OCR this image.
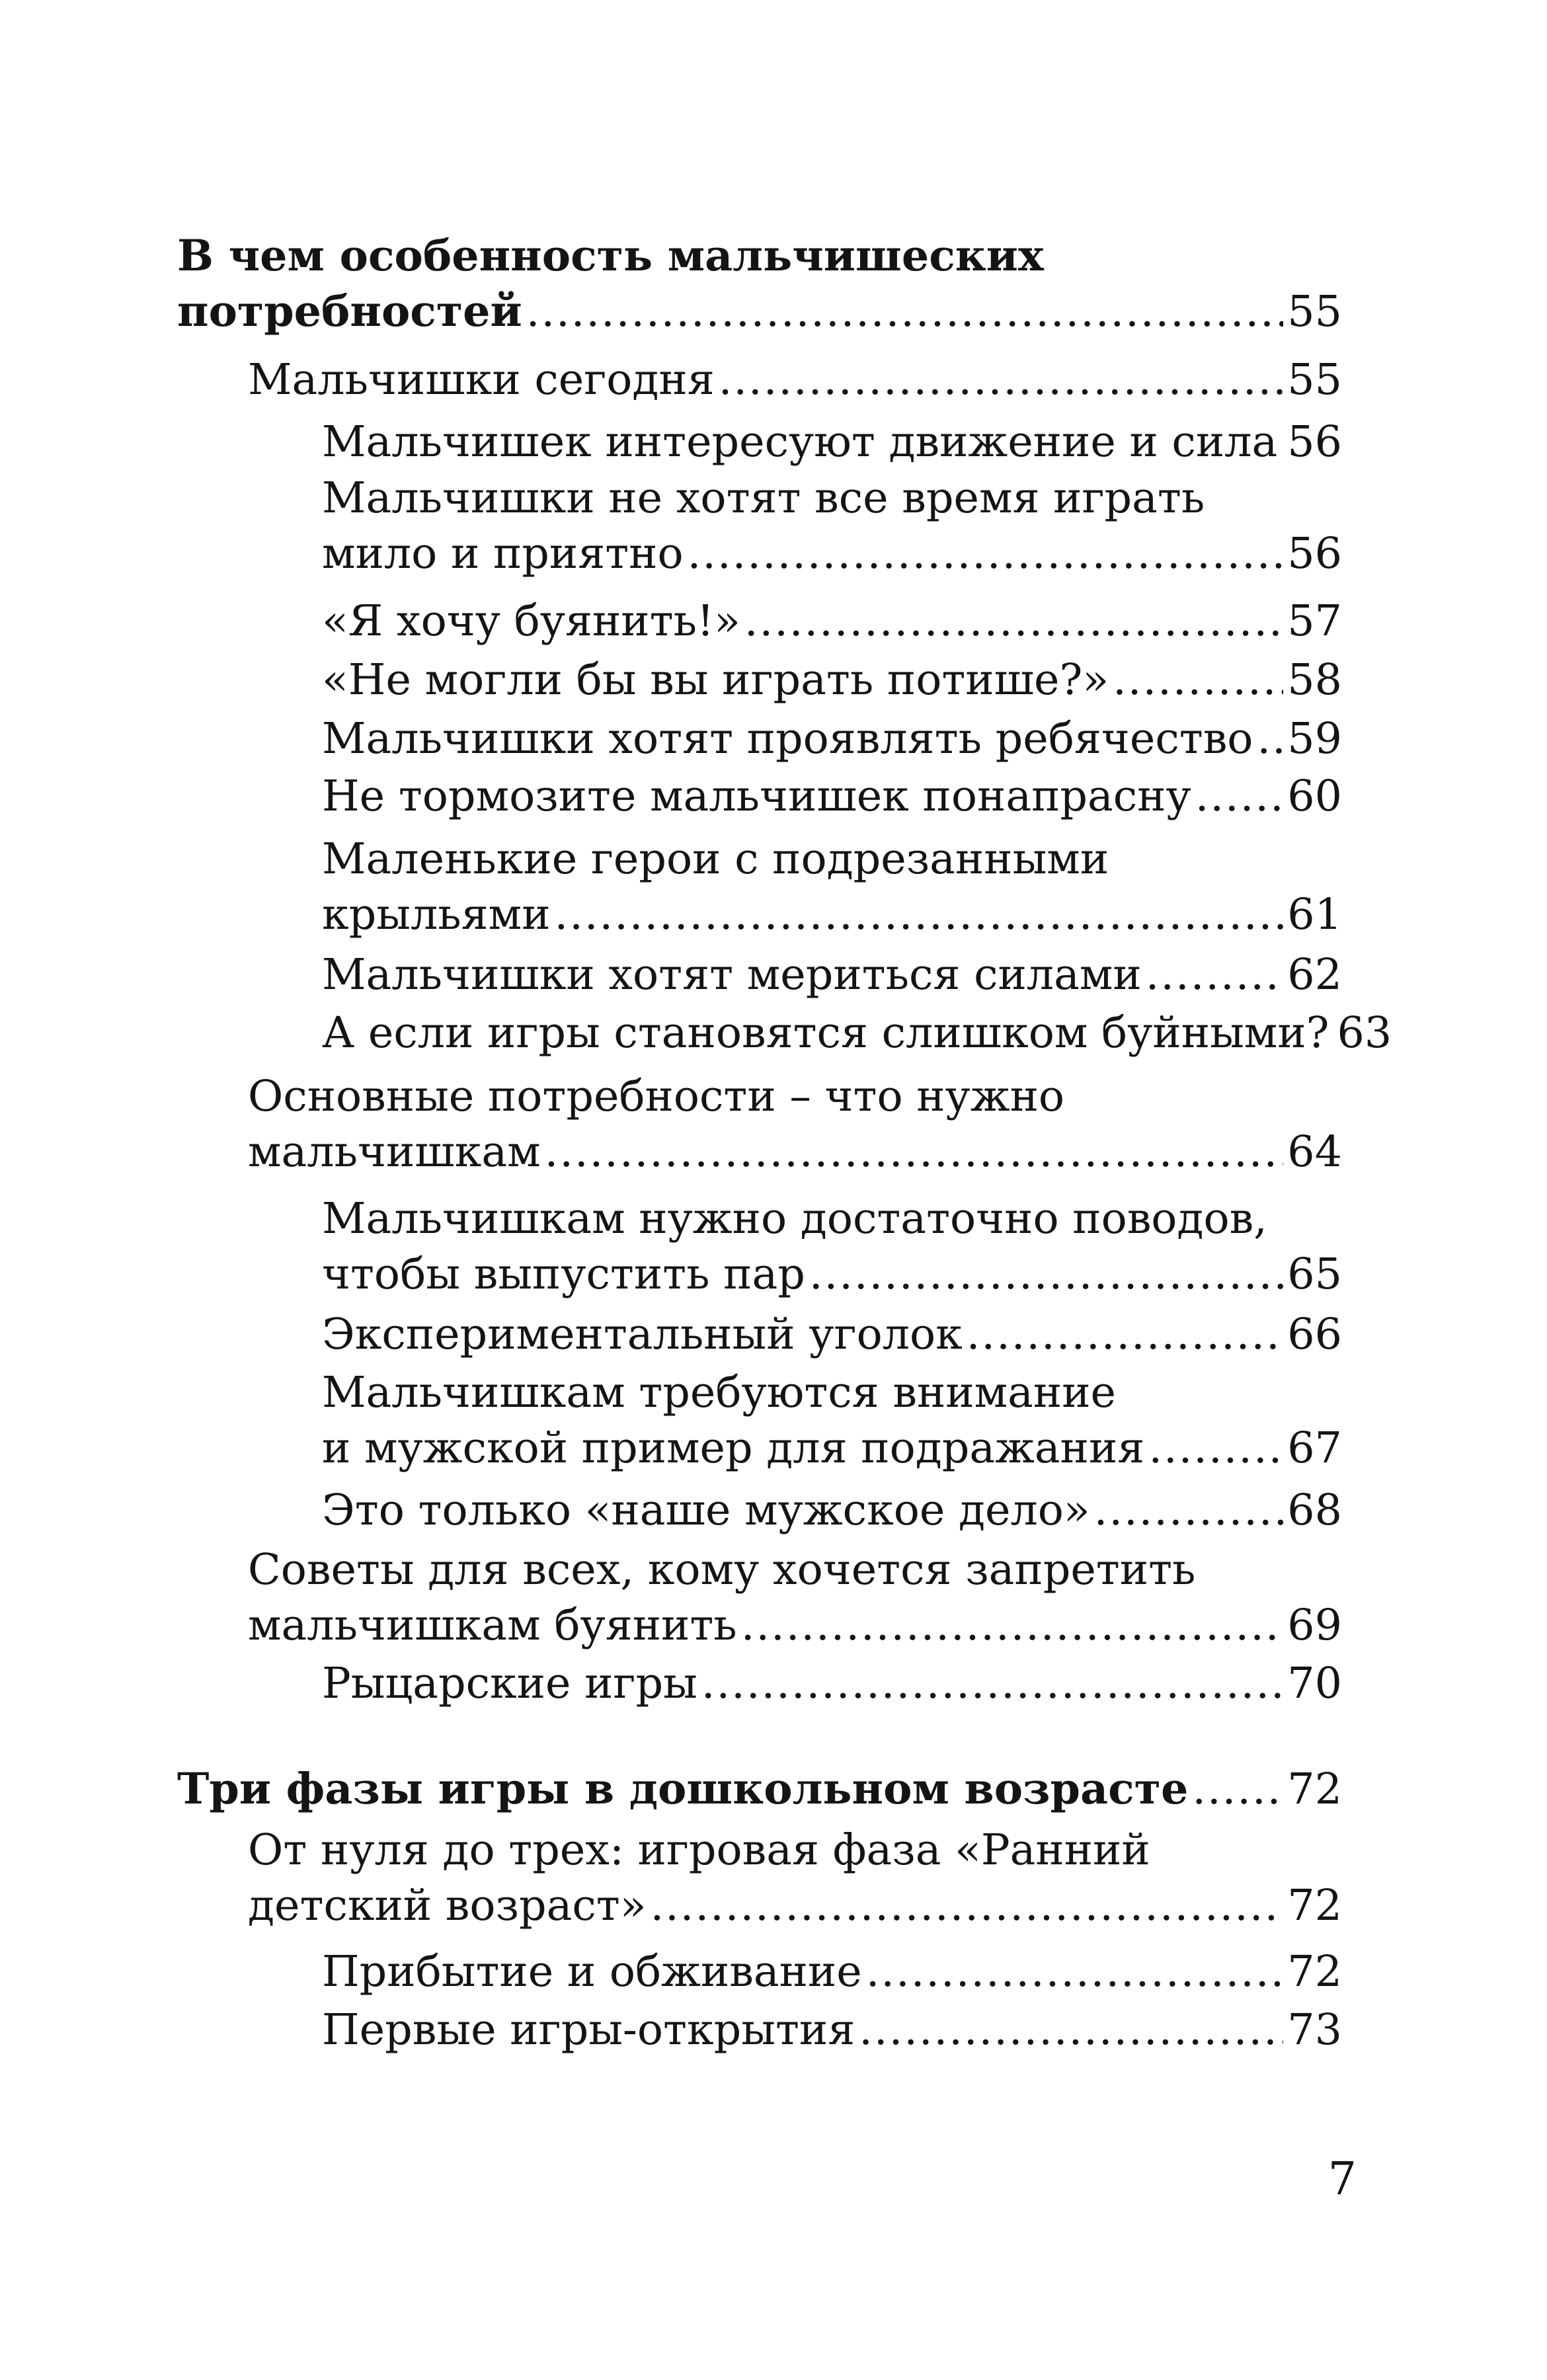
В чем особенность мальчишеских
потребностей .....	55
Мальчишки сегодня .....	55
Мальчишек интересуют движение и сила ..... 56
Мальчишки не хотят все время играть
мило и приятно .....	56
«Я хочу буянить!» .....	57
«Не могли бы вы играть потише?» .....	58
Мальчишки хотят проявлять ребячество ..... 59
Не тормозите мальчишек понапрасну ..... 60
Маленькие герои с подрезанными
крыльями .....	61
Мальчишки хотят мериться силами .....	62
А если игры становятся слишком буйными? 63
Основные потребности – что нужно
мальчишкам .....	64
Мальчишкам нужно достаточно поводов,
чтобы выпустить пар .....	65
Экспериментальный уголок .....	66
Мальчишкам требуются внимание
и мужской пример для подражания .....	67
Это только «наше мужское дело» .....	68
Советы для всех, кому хочется запретить
мальчишкам буянить .....	69
Рыцарские игры .....	70
Три фазы игры в дошкольном возрасте ..... 72
От нуля до трех: игровая фаза «Ранний
детский возраст» .....	72
Прибытие и обживание .....	72
Первые игры-открытия .....	73
7
